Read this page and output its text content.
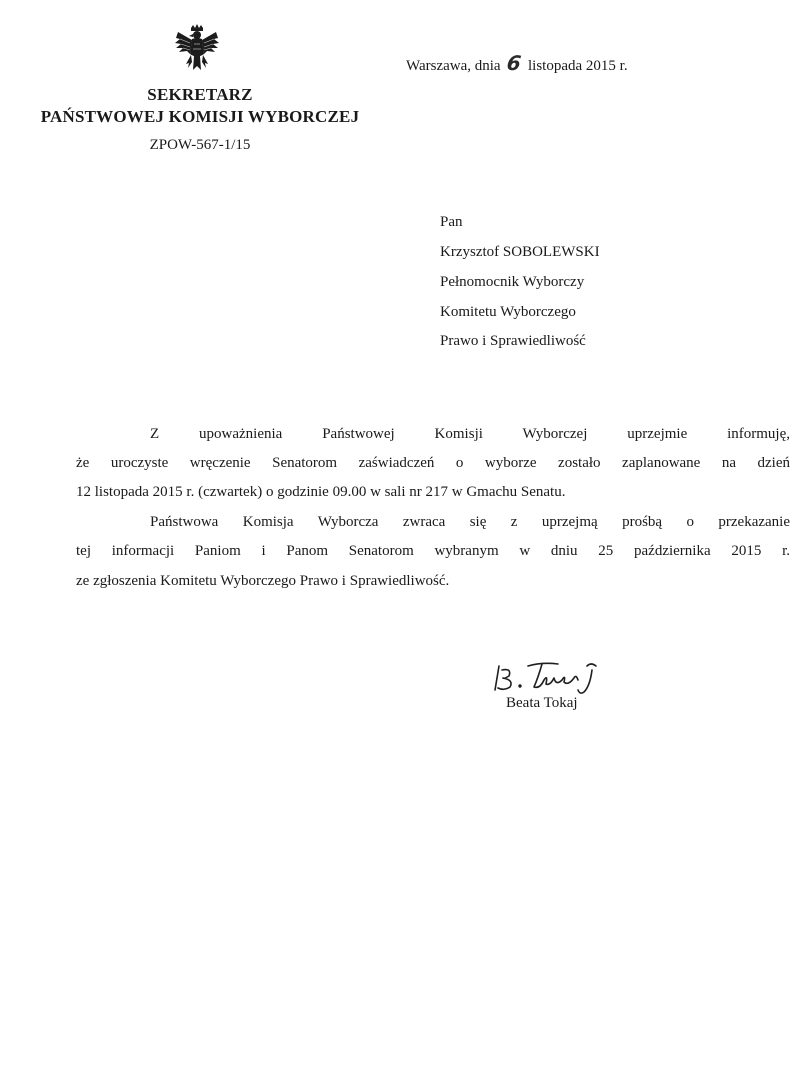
SEKRETARZ
PAŃSTWOWEJ KOMISJI WYBORCZEJ
ZPOW-567-1/15
Warszawa, dnia 6 listopada 2015 r.
Pan
Krzysztof SOBOLEWSKI
Pełnomocnik Wyborczy
Komitetu Wyborczego
Prawo i Sprawiedliwość
Z upoważnienia Państwowej Komisji Wyborczej uprzejmie informuję,
że uroczyste wręczenie Senatorom zaświadczeń o wyborze zostało zaplanowane na dzień
12 listopada 2015 r. (czwartek) o godzinie 09.00 w sali nr 217 w Gmachu Senatu.
Państwowa Komisja Wyborcza zwraca się z uprzejmą prośbą o przekazanie
tej informacji Paniom i Panom Senatorom wybranym w dniu 25 października 2015 r.
ze zgłoszenia Komitetu Wyborczego Prawo i Sprawiedliwość.
Beata Tokaj
